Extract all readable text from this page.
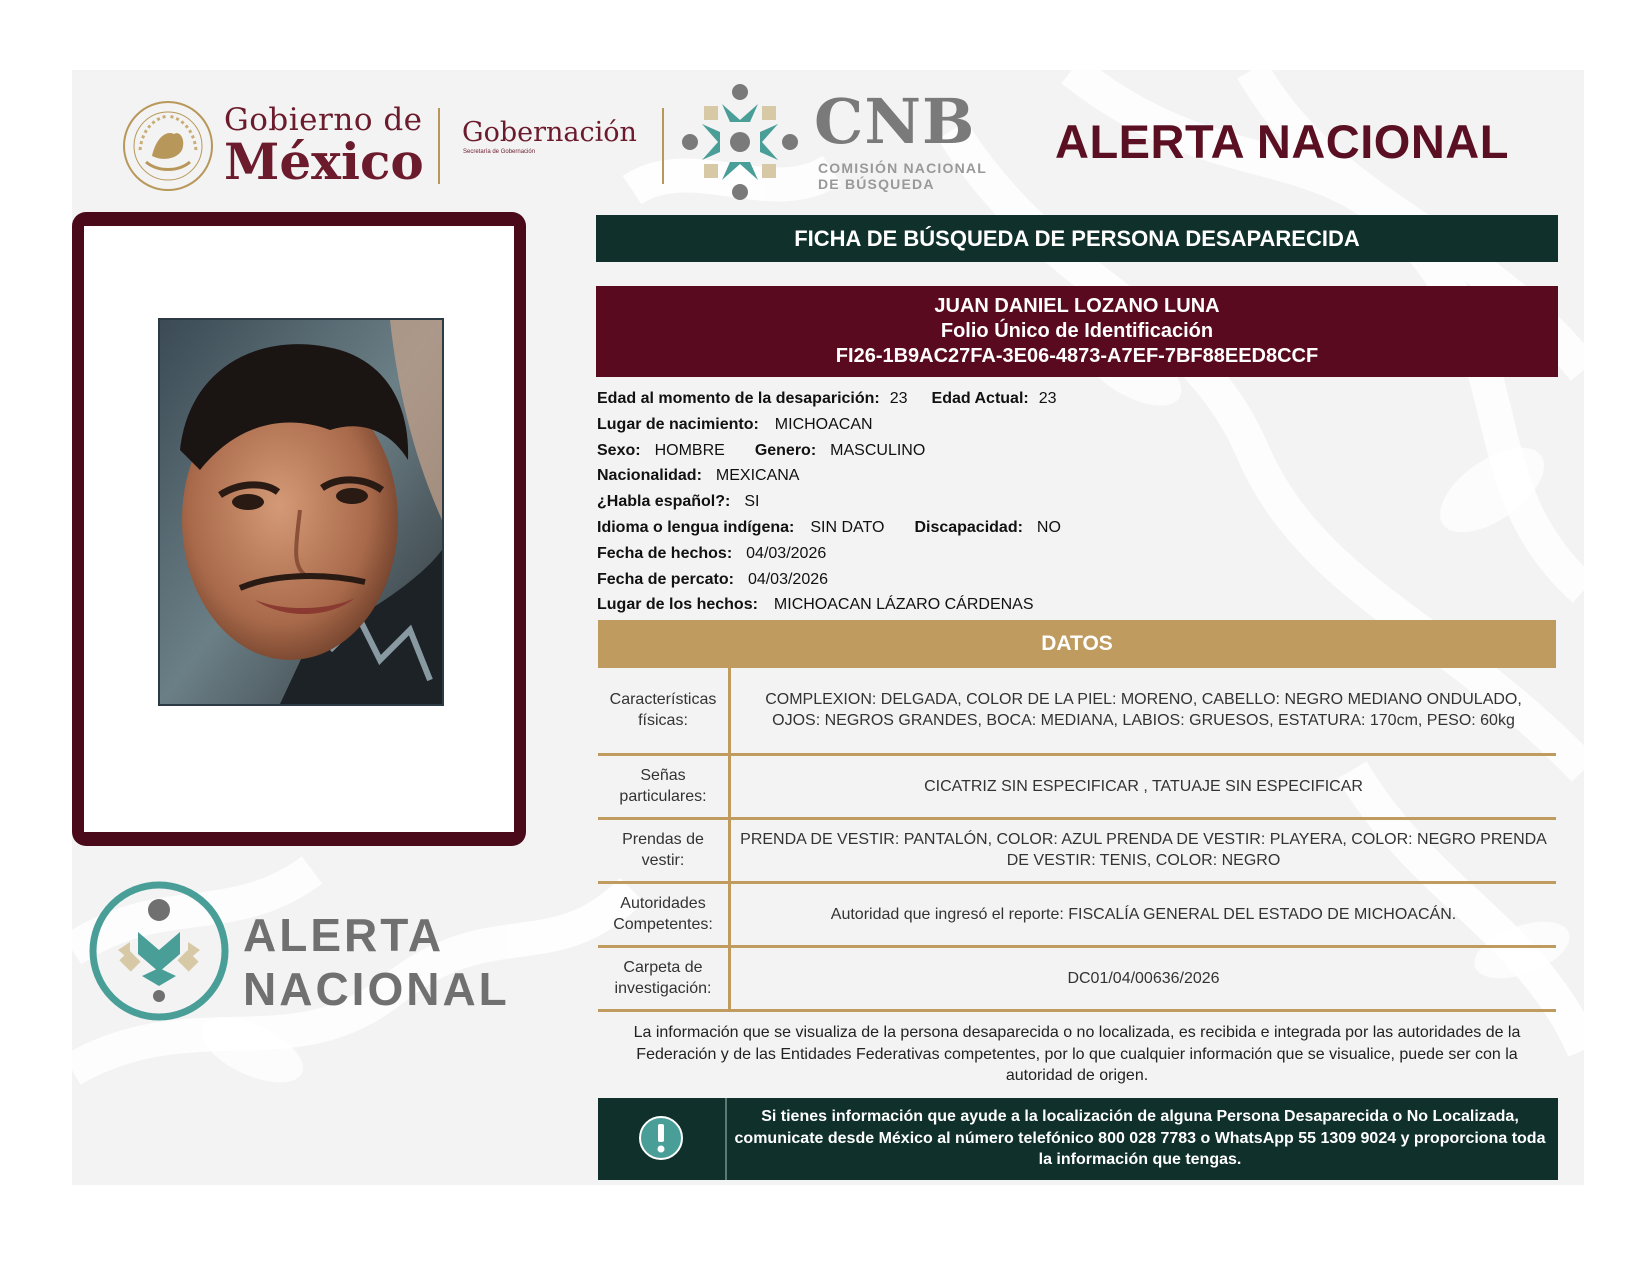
Gobierno de
México Gobernación
Secretaría de Gobernación	CNB
COMISIÓN NACIONAL
DE BÚSQUEDA
ALERTA NACIONAL
ALERTA
NACIONAL
FICHA DE BÚSQUEDA DE PERSONA DESAPARECIDA
JUAN DANIEL LOZANO LUNA
Folio Único de Identificación
FI26-1B9AC27FA-3E06-4873-A7EF-7BF88EED8CCF
Edad al momento de la desaparición: 23 Edad Actual: 23
Lugar de nacimiento: MICHOACAN
Sexo: HOMBRE Genero: MASCULINO
Nacionalidad: MEXICANA
¿Habla español?: SI
Idioma o lengua indígena: SIN DATO Discapacidad: NO
Fecha de hechos: 04/03/2026
Fecha de percato: 04/03/2026
Lugar de los hechos: MICHOACAN LÁZARO CÁRDENAS
DATOS
Características físicas:	COMPLEXION: DELGADA, COLOR DE LA PIEL: MORENO, CABELLO: NEGRO MEDIANO ONDULADO, OJOS: NEGROS GRANDES, BOCA: MEDIANA, LABIOS: GRUESOS, ESTATURA: 170cm, PESO: 60kg
Señas particulares:	CICATRIZ SIN ESPECIFICAR , TATUAJE SIN ESPECIFICAR
Prendas de vestir:	PRENDA DE VESTIR: PANTALÓN, COLOR: AZUL PRENDA DE VESTIR: PLAYERA, COLOR: NEGRO PRENDA DE VESTIR: TENIS, COLOR: NEGRO
Autoridades Competentes:	Autoridad que ingresó el reporte: FISCALÍA GENERAL DEL ESTADO DE MICHOACÁN.
Carpeta de investigación:	DC01/04/00636/2026
La información que se visualiza de la persona desaparecida o no localizada, es recibida e integrada por las autoridades de la Federación y de las Entidades Federativas competentes, por lo que cualquier información que se visualice, puede ser con la autoridad de origen.
Si tienes información que ayude a la localización de alguna Persona Desaparecida o No Localizada, comunicate desde México al número telefónico 800 028 7783 o WhatsApp 55 1309 9024 y proporciona toda la información que tengas.
